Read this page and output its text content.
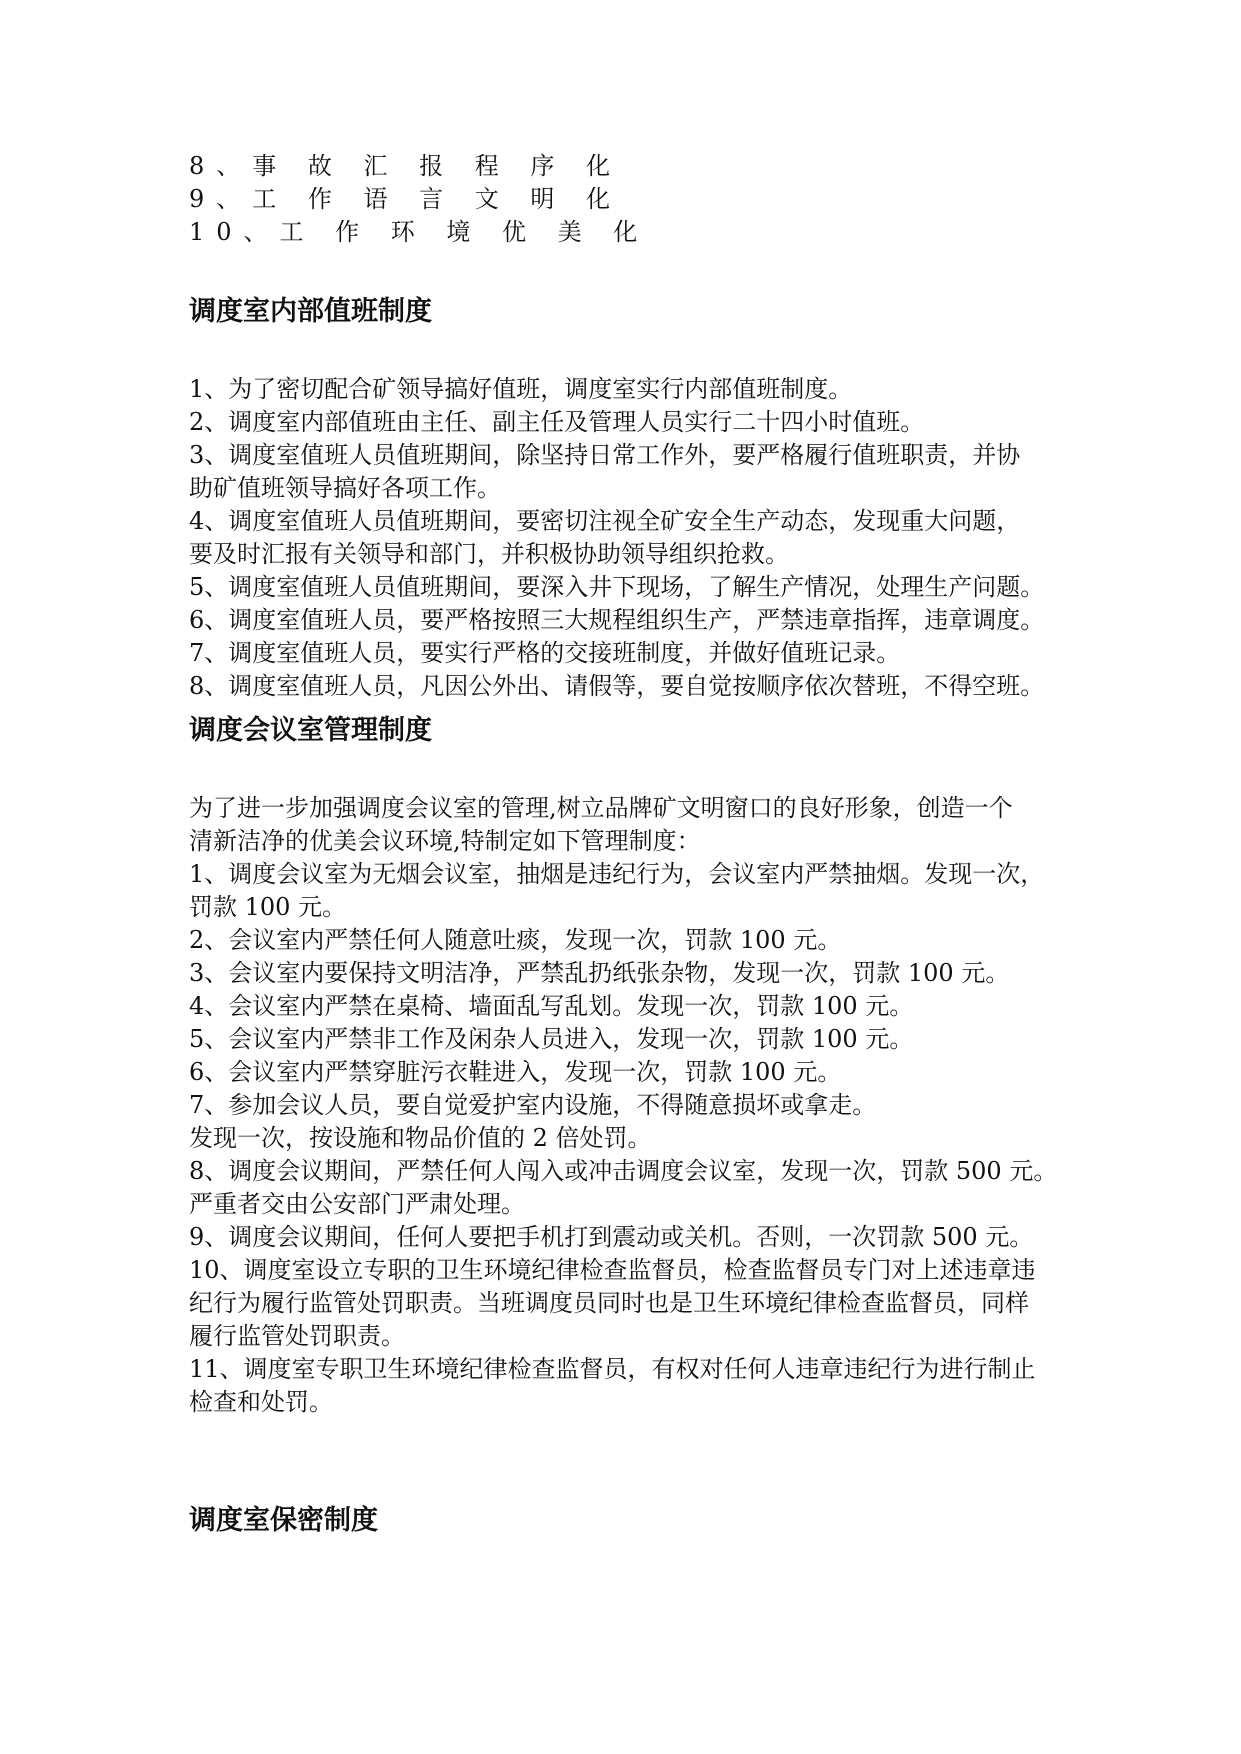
8、事 故 汇 报 程 序 化
9、工 作 语 言 文 明 化
10、工 作 环 境 优 美 化
调度室内部值班制度
1、为了密切配合矿领导搞好值班，调度室实行内部值班制度。
2、调度室内部值班由主任、副主任及管理人员实行二十四小时值班。
3、调度室值班人员值班期间，除坚持日常工作外，要严格履行值班职责，并协
助矿值班领导搞好各项工作。
4、调度室值班人员值班期间，要密切注视全矿安全生产动态，发现重大问题，
要及时汇报有关领导和部门，并积极协助领导组织抢救。
5、调度室值班人员值班期间，要深入井下现场，了解生产情况，处理生产问题。
6、调度室值班人员，要严格按照三大规程组织生产，严禁违章指挥，违章调度。
7、调度室值班人员，要实行严格的交接班制度，并做好值班记录。
8、调度室值班人员，凡因公外出、请假等，要自觉按顺序依次替班，不得空班。
调度会议室管理制度
为了进一步加强调度会议室的管理,树立品牌矿文明窗口的良好形象，创造一个
清新洁净的优美会议环境,特制定如下管理制度：
1、调度会议室为无烟会议室，抽烟是违纪行为，会议室内严禁抽烟。发现一次，
罚款 100 元。
2、会议室内严禁任何人随意吐痰，发现一次，罚款 100 元。
3、会议室内要保持文明洁净，严禁乱扔纸张杂物，发现一次，罚款 100 元。
4、会议室内严禁在桌椅、墙面乱写乱划。发现一次，罚款 100 元。
5、会议室内严禁非工作及闲杂人员进入，发现一次，罚款 100 元。
6、会议室内严禁穿脏污衣鞋进入，发现一次，罚款 100 元。
7、参加会议人员，要自觉爱护室内设施，不得随意损坏或拿走。
发现一次，按设施和物品价值的 2 倍处罚。
8、调度会议期间，严禁任何人闯入或冲击调度会议室，发现一次，罚款 500 元。
严重者交由公安部门严肃处理。
9、调度会议期间，任何人要把手机打到震动或关机。否则，一次罚款 500 元。
10、调度室设立专职的卫生环境纪律检查监督员，检查监督员专门对上述违章违
纪行为履行监管处罚职责。当班调度员同时也是卫生环境纪律检查监督员，同样
履行监管处罚职责。
11、调度室专职卫生环境纪律检查监督员，有权对任何人违章违纪行为进行制止
检查和处罚。
调度室保密制度
